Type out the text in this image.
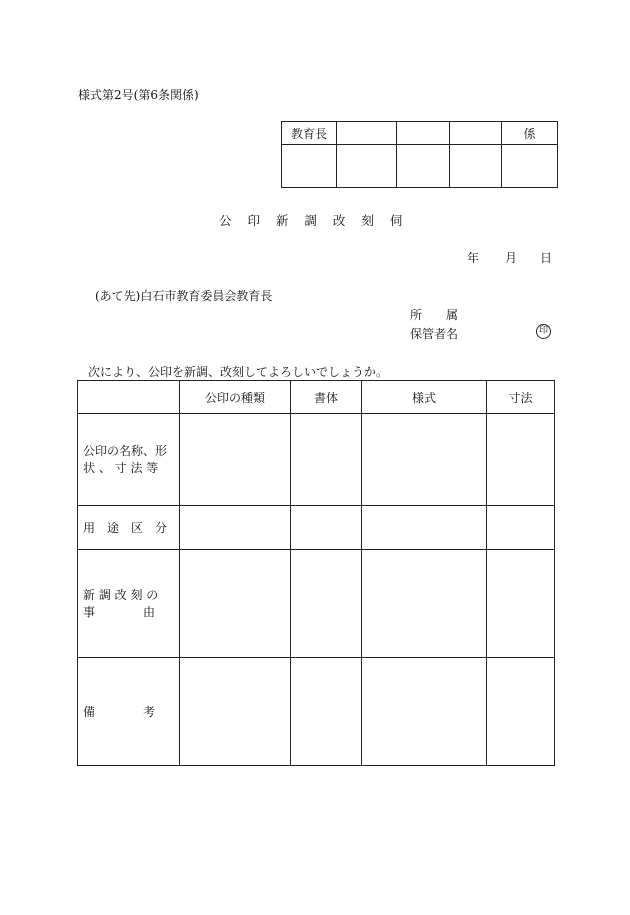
様式第2号(第6条関係)
教育長				係

公 印 新 調 改 刻 伺
年 月 日
(あて先)白石市教育委員会教育長
所　　属
保管者名	印
次により、公印を新調、改刻してよろしいでしょうか。
	公印の種類	書体	様式	寸法

公印の名称、形
状 、 寸 法 等				

用　途　区　分				

新 調 改 刻 の
事　　　　由				

備　　　　考				
